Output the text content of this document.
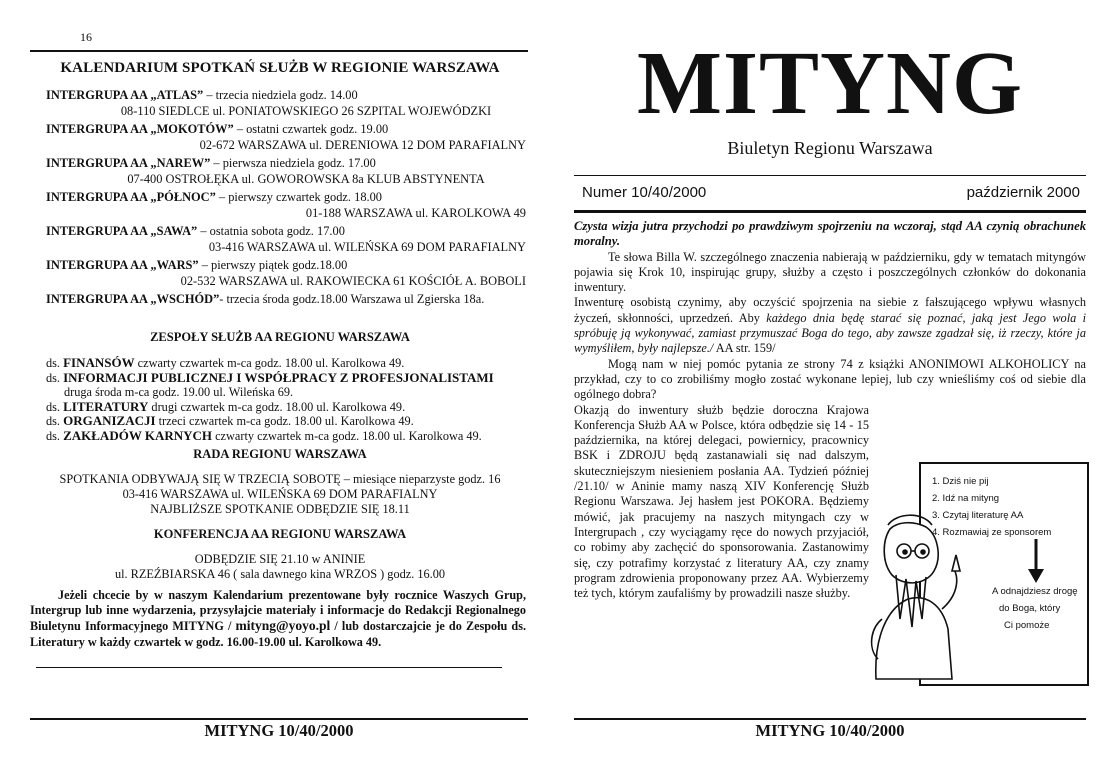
16
KALENDARIUM SPOTKAŃ SŁUŻB W REGIONIE WARSZAWA
INTERGRUPA AA „ATLAS” – trzecia niedziela godz. 14.00
08-110 SIEDLCE ul. PONIATOWSKIEGO 26 SZPITAL WOJEWÓDZKI
INTERGRUPA AA „MOKOTÓW” – ostatni czwartek godz. 19.00
02-672 WARSZAWA ul. DERENIOWA 12 DOM PARAFIALNY
INTERGRUPA AA „NAREW” – pierwsza niedziela godz. 17.00
07-400 OSTROŁĘKA ul. GOWOROWSKA 8a KLUB ABSTYNENTA
INTERGRUPA AA „PÓŁNOC” – pierwszy czwartek godz. 18.00
01-188 WARSZAWA ul. KAROLKOWA 49
INTERGRUPA AA „SAWA” – ostatnia sobota godz. 17.00
03-416 WARSZAWA ul. WILEŃSKA 69 DOM PARAFIALNY
INTERGRUPA AA „WARS” – pierwszy piątek godz.18.00
02-532 WARSZAWA ul. RAKOWIECKA 61 KOŚCIÓŁ A. BOBOLI
INTERGRUPA AA „WSCHÓD”- trzecia środa godz.18.00 Warszawa ul Zgierska 18a.
ZESPOŁY SŁUŻB AA REGIONU WARSZAWA
ds. FINANSÓW czwarty czwartek m-ca godz. 18.00 ul. Karolkowa 49.
ds. INFORMACJI PUBLICZNEJ I WSPÓŁPRACY Z PROFESJONALISTAMI
druga środa m-ca godz. 19.00 ul. Wileńska 69.
ds. LITERATURY drugi czwartek m-ca godz. 18.00 ul. Karolkowa 49.
ds. ORGANIZACJI trzeci czwartek m-ca godz. 18.00 ul. Karolkowa 49.
ds. ZAKŁADÓW KARNYCH czwarty czwartek m-ca godz. 18.00 ul. Karolkowa 49.
RADA REGIONU WARSZAWA
SPOTKANIA ODBYWAJĄ SIĘ W TRZECIĄ SOBOTĘ – miesiące nieparzyste godz. 16
03-416 WARSZAWA ul. WILEŃSKA 69 DOM PARAFIALNY
NAJBLIŻSZE SPOTKANIE ODBĘDZIE SIĘ 18.11
KONFERENCJA AA REGIONU WARSZAWA
ODBĘDZIE SIĘ 21.10 w ANINIE
ul. RZEŹBIARSKA 46 ( sala dawnego kina WRZOS ) godz. 16.00
Jeżeli chcecie by w naszym Kalendarium prezentowane były rocznice Waszych Grup, Intergrup lub inne wydarzenia, przysyłajcie materiały i informacje do Redakcji Regionalnego Biuletynu Informacyjnego MITYNG / mityng@yoyo.pl / lub dostarczajcie je do Zespołu ds. Literatury w każdy czwartek w godz. 16.00-19.00 ul. Karolkowa 49.
MITYNG 10/40/2000
MITYNG
Biuletyn Regionu Warszawa
Numer 10/40/2000	październik 2000

Czysta wizja jutra przychodzi po prawdziwym spojrzeniu na wczoraj, stąd AA czynią obrachunek moralny.

Te słowa Billa W. szczególnego znaczenia nabierają w październiku, gdy w tematach mityngów pojawia się Krok 10, inspirując grupy, służby a często i poszczególnych członków do dokonania inwentury.

Inwenturę osobistą czynimy, aby oczyścić spojrzenia na siebie z fałszującego wpływu własnych życzeń, skłonności, uprzedzeń. Aby każdego dnia będę starać się poznać, jaką jest Jego wola i spróbuję ją wykonywać, zamiast przymuszać Boga do tego, aby zawsze zgadzał się, iż rzeczy, które ja wymyśliłem, były najlepsze./ AA str. 159/

Mogą nam w niej pomóc pytania ze strony 74 z książki ANONIMOWI ALKOHOLICY na przykład, czy to co zrobiliśmy mogło zostać wykonane lepiej, lub czy wnieśliśmy coś od siebie dla ogólnego dobra?

Okazją do inwentury służb będzie doroczna Krajowa Konferencja Służb AA w Polsce, która odbędzie się 14 - 15 października, na której delegaci, powiernicy, pracownicy BSK i ZDROJU będą zastanawiali się nad dalszym, skuteczniejszym niesieniem posłania AA. Tydzień później /21.10/ w Aninie mamy naszą XIV Konferencję Służb Regionu Warszawa. Jej hasłem jest POKORA. Będziemy mówić, jak pracujemy na naszych mityngach czy w Intergrupach , czy wyciągamy ręce do nowych przyjaciół, co robimy aby zachęcić do sponsorowania. Zastanowimy się, czy potrafimy korzystać z literatury AA, czy znamy program zdrowienia proponowany przez AA. Wybierzemy też tych, którym zaufaliśmy by prowadzili nasze służby.

1. Dziś nie pij
2. Idź na mityng
3. Czytaj literaturę AA
4. Rozmawiaj ze sponsorem
A odnajdziesz drogę
do Boga, który
Ci pomoże
MITYNG 10/40/2000
